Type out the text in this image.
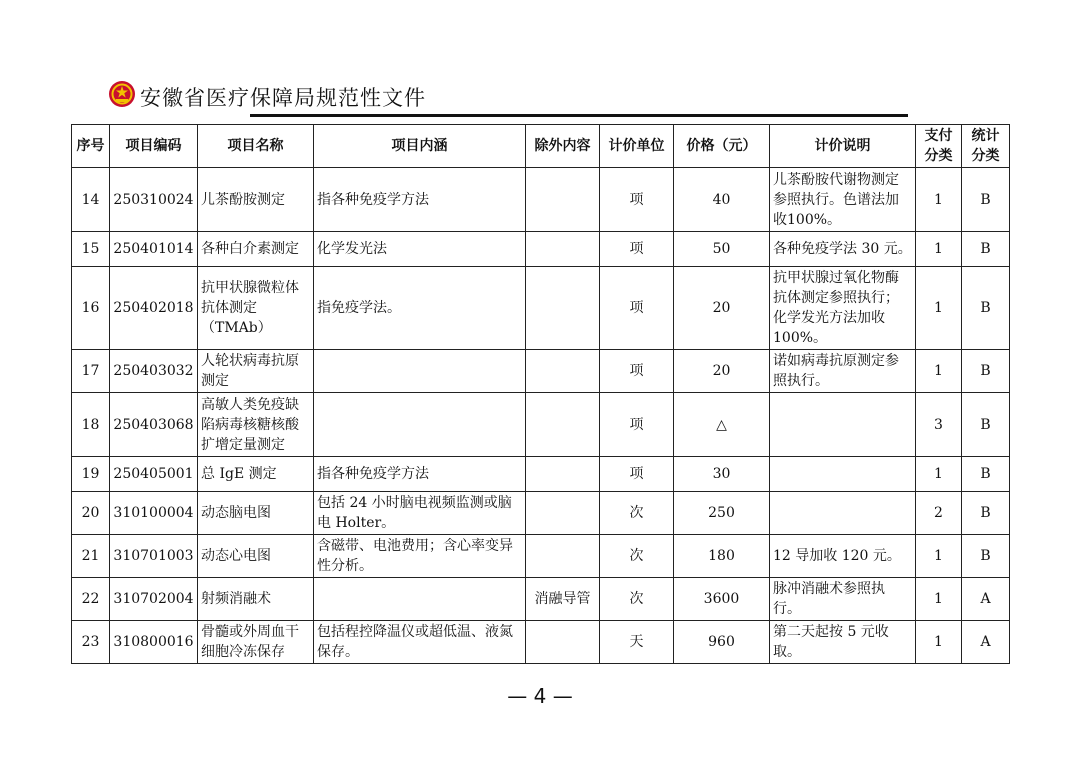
安徽省医疗保障局规范性文件
序号	项目编码	项目名称	项目内涵	除外内容	计价单位	价格（元）	计价说明	支付分类	统计分类
14	250310024	儿茶酚胺测定	指各种免疫学方法		项	40	儿茶酚胺代谢物测定参照执行。色谱法加收100%。	1	B
15	250401014	各种白介素测定	化学发光法		项	50	各种免疫学法 30 元。	1	B
16	250402018	抗甲状腺微粒体抗体测定（TMAb）	指免疫学法。		项	20	抗甲状腺过氧化物酶抗体测定参照执行；化学发光方法加收100%。	1	B
17	250403032	人轮状病毒抗原测定			项	20	诺如病毒抗原测定参照执行。	1	B
18	250403068	高敏人类免疫缺陷病毒核糖核酸扩增定量测定			项	△		3	B
19	250405001	总 IgE 测定	指各种免疫学方法		项	30		1	B
20	310100004	动态脑电图	包括 24 小时脑电视频监测或脑电 Holter。		次	250		2	B
21	310701003	动态心电图	含磁带、电池费用；含心率变异性分析。		次	180	12 导加收 120 元。	1	B
22	310702004	射频消融术		消融导管	次	3600	脉冲消融术参照执行。	1	A
23	310800016	骨髓或外周血干细胞冷冻保存	包括程控降温仪或超低温、液氮保存。		天	960	第二天起按 5 元收取。	1	A
— 4 —
